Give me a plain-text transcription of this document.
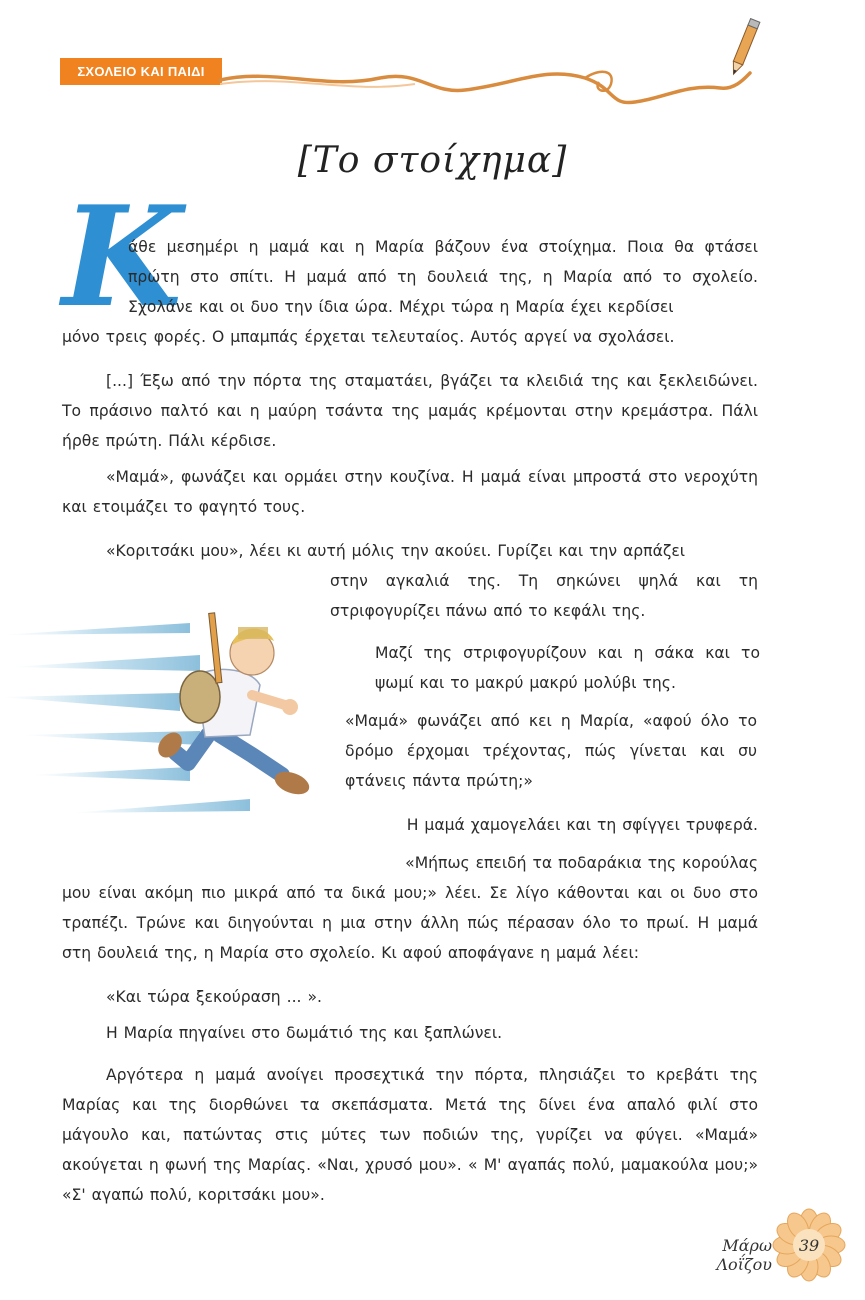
ΣΧΟΛΕΙΟ ΚΑΙ ΠΑΙΔΙ
[Το στοίχημα]
Κ

άθε μεσημέρι η μαμά και η Μαρία βάζουν ένα στοίχημα. Ποια θα φτάσει πρώτη στο σπίτι. Η μαμά από τη δουλειά της, η Μαρία από το σχολείο. Σχολάνε και οι δυο την ίδια ώρα. Μέχρι τώρα η Μαρία έχει κερδίσει

μόνο τρεις φορές. Ο μπαμπάς έρχεται τελευταίος. Αυτός αργεί να σχολάσει.

[...] Έξω από την πόρτα της σταματάει, βγάζει τα κλειδιά της και ξεκλειδώνει. Το πράσινο παλτό και η μαύρη τσάντα της μαμάς κρέμονται στην κρεμάστρα. Πάλι ήρθε πρώτη. Πάλι κέρδισε.

«Μαμά», φωνάζει και ορμάει στην κουζίνα. Η μαμά είναι μπροστά στο νεροχύτη και ετοιμάζει το φαγητό τους.

«Κοριτσάκι μου», λέει κι αυτή μόλις την ακούει. Γυρίζει και την αρπάζει

στην αγκαλιά της. Τη σηκώνει ψηλά και τη στριφογυρίζει πάνω από το κεφάλι της.

Μαζί της στριφογυρίζουν και η σάκα και το ψωμί και το μακρύ μακρύ μολύβι της.

«Μαμά» φωνάζει από κει η Μαρία, «αφού όλο το δρόμο έρχομαι τρέχοντας, πώς γίνεται και συ φτάνεις πάντα πρώτη;»

Η μαμά χαμογελάει και τη σφίγγει τρυφερά.

«Μήπως επειδή τα ποδαράκια της κορούλας

μου είναι ακόμη πιο μικρά από τα δικά μου;» λέει. Σε λίγο κάθονται και οι δυο στο τραπέζι. Τρώνε και διηγούνται η μια στην άλλη πώς πέρασαν όλο το πρωί. Η μαμά στη δουλειά της, η Μαρία στο σχολείο. Κι αφού αποφάγανε η μαμά λέει:

«Και τώρα ξεκούραση ... ».

Η Μαρία πηγαίνει στο δωμάτιό της και ξαπλώνει.

Αργότερα η μαμά ανοίγει προσεχτικά την πόρτα, πλησιάζει το κρεβάτι της Μαρίας και της διορθώνει τα σκεπάσματα. Μετά της δίνει ένα απαλό φιλί στο μάγουλο και, πατώντας στις μύτες των ποδιών της, γυρίζει να φύγει. «Μαμά» ακούγεται η φωνή της Μαρίας. «Ναι, χρυσό μου». « Μ' αγαπάς πολύ, μαμακούλα μου;» «Σ' αγαπώ πολύ, κοριτσάκι μου».

Μάρω Λοΐζου
39
